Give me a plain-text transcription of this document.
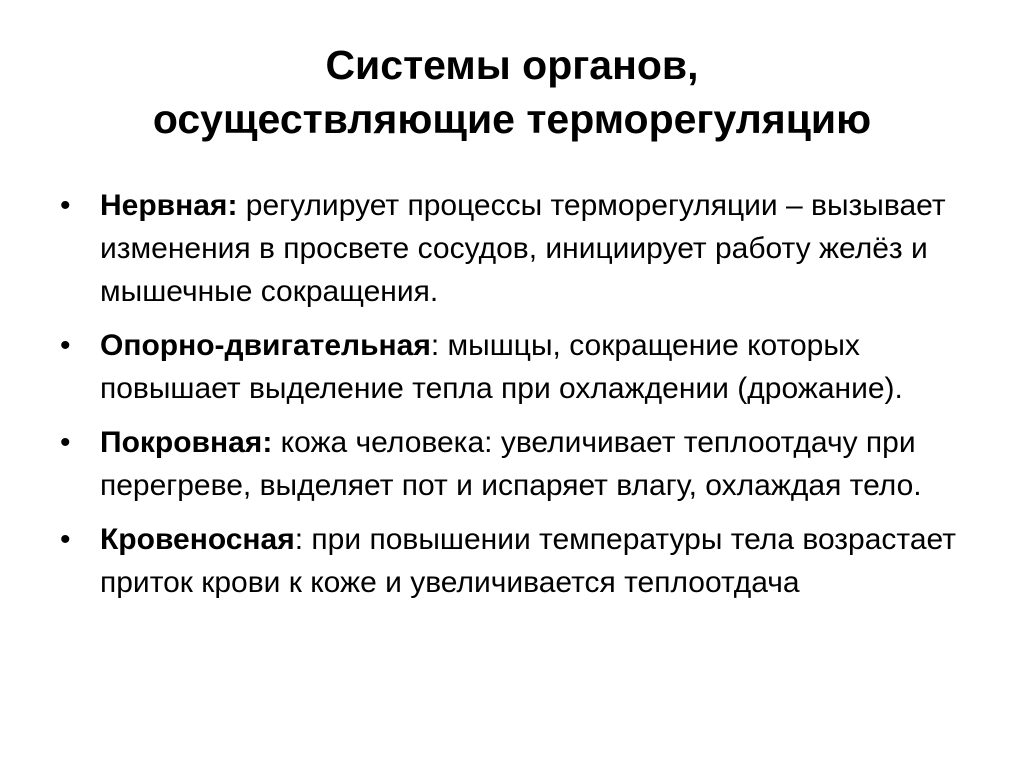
Системы органов,
осуществляющие терморегуляцию
• Нервная: регулирует процессы терморегуляции – вызывает изменения в просвете сосудов, инициирует работу желёз и мышечные сокращения.
• Опорно-двигательная: мышцы, сокращение которых повышает выделение тепла при охлаждении (дрожание).
• Покровная: кожа человека: увеличивает теплоотдачу при перегреве, выделяет пот и испаряет влагу, охлаждая тело.
• Кровеносная: при повышении температуры тела возрастает приток крови к коже и увеличивается теплоотдача
